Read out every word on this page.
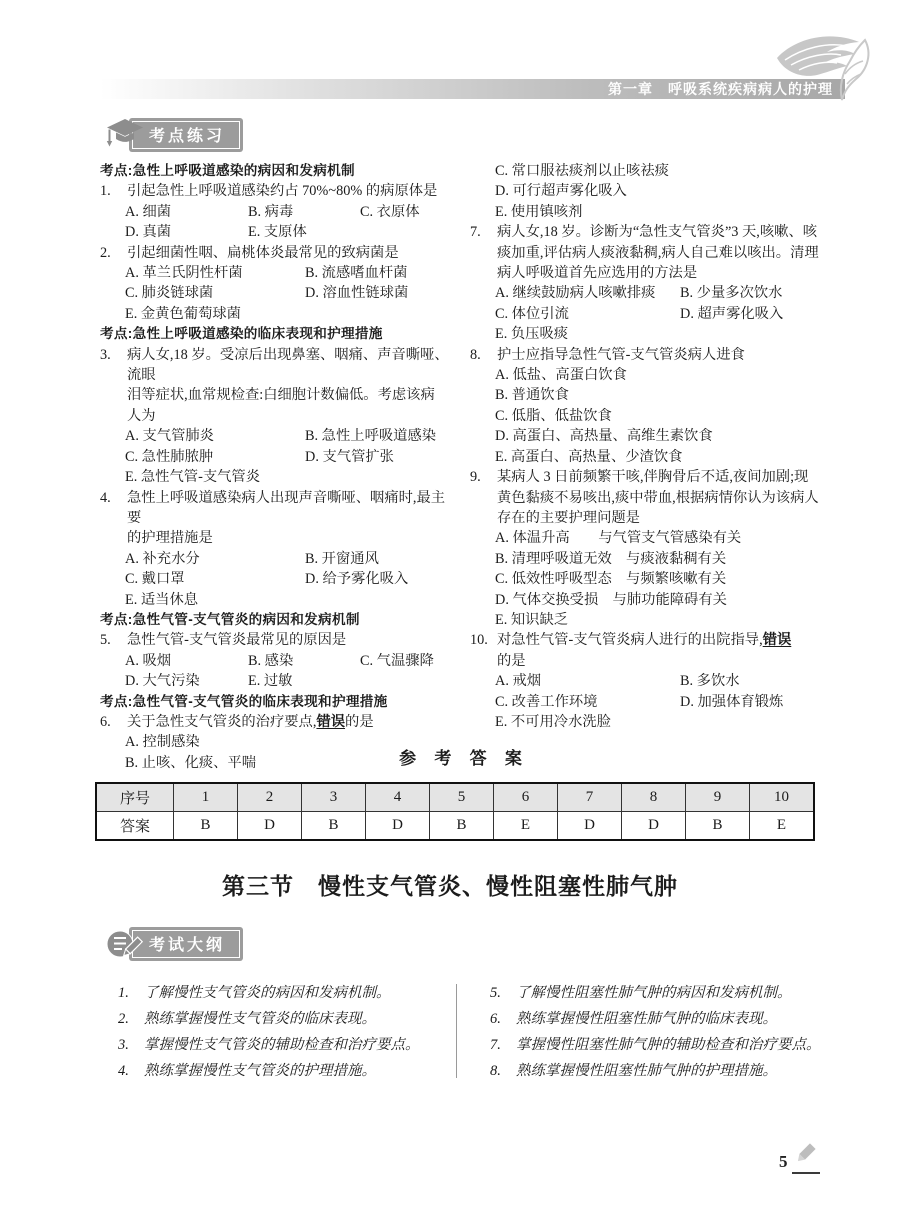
第一章　呼吸系统疾病病人的护理
考点练习
考点:急性上呼吸道感染的病因和发病机制
1.	引起急性上呼吸道感染约占 70%~80% 的病原体是
A. 细菌	B. 病毒	C. 衣原体
D. 真菌	E. 支原体
2.	引起细菌性咽、扁桃体炎最常见的致病菌是
A. 革兰氏阴性杆菌	B. 流感嗜血杆菌
C. 肺炎链球菌	D. 溶血性链球菌
E. 金黄色葡萄球菌
考点:急性上呼吸道感染的临床表现和护理措施
3.	病人女,18 岁。受凉后出现鼻塞、咽痛、声音嘶哑、流眼
泪等症状,血常规检查:白细胞计数偏低。考虑该病
人为
A. 支气管肺炎	B. 急性上呼吸道感染
C. 急性肺脓肿	D. 支气管扩张
E. 急性气管-支气管炎
4.	急性上呼吸道感染病人出现声音嘶哑、咽痛时,最主要
的护理措施是
A. 补充水分	B. 开窗通风
C. 戴口罩	D. 给予雾化吸入
E. 适当休息
考点:急性气管-支气管炎的病因和发病机制
5.	急性气管-支气管炎最常见的原因是
A. 吸烟	B. 感染	C. 气温骤降
D. 大气污染	E. 过敏
考点:急性气管-支气管炎的临床表现和护理措施
6.	关于急性支气管炎的治疗要点,错误的是
A. 控制感染
B. 止咳、化痰、平喘
C. 常口服祛痰剂以止咳祛痰
D. 可行超声雾化吸入
E. 使用镇咳剂
7.	病人女,18 岁。诊断为“急性支气管炎”3 天,咳嗽、咳
痰加重,评估病人痰液黏稠,病人自己难以咳出。清理
病人呼吸道首先应选用的方法是
A. 继续鼓励病人咳嗽排痰 B. 少量多次饮水
C. 体位引流	D. 超声雾化吸入
E. 负压吸痰
8.	护士应指导急性气管-支气管炎病人进食
A. 低盐、高蛋白饮食
B. 普通饮食
C. 低脂、低盐饮食
D. 高蛋白、高热量、高维生素饮食
E. 高蛋白、高热量、少渣饮食
9.	某病人 3 日前频繁干咳,伴胸骨后不适,夜间加剧;现
黄色黏痰不易咳出,痰中带血,根据病情你认为该病人
存在的主要护理问题是
A. 体温升高　　与气管支气管感染有关
B. 清理呼吸道无效　与痰液黏稠有关
C. 低效性呼吸型态　与频繁咳嗽有关
D. 气体交换受损　与肺功能障碍有关
E. 知识缺乏
10. 对急性气管-支气管炎病人进行的出院指导,错误
的是
A. 戒烟	B. 多饮水
C. 改善工作环境	D. 加强体育锻炼
E. 不可用冷水洗脸
参 考 答 案
序号	1	2	3	4	5	6	7	8	9	10
答案	B	D	B	D	B	E	D	D	B	E
第三节　慢性支气管炎、慢性阻塞性肺气肿
考试大纲
1.	了解慢性支气管炎的病因和发病机制。
2.	熟练掌握慢性支气管炎的临床表现。
3.	掌握慢性支气管炎的辅助检查和治疗要点。
4.	熟练掌握慢性支气管炎的护理措施。
5.	了解慢性阻塞性肺气肿的病因和发病机制。
6.	熟练掌握慢性阻塞性肺气肿的临床表现。
7.	掌握慢性阻塞性肺气肿的辅助检查和治疗要点。
8.	熟练掌握慢性阻塞性肺气肿的护理措施。
5
